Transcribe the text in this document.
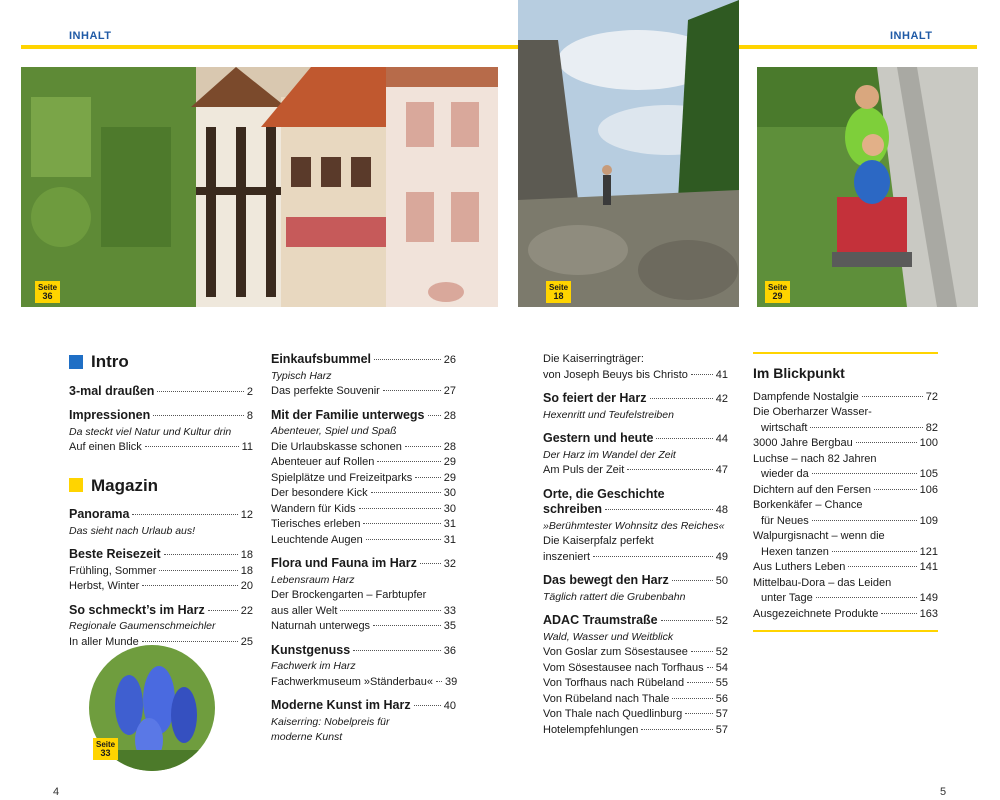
INHALT	INHALT
Seite
36
Seite
18
Seite
29
Intro
3-mal draußen	2
Impressionen	8
Da steckt viel Natur und Kultur drin
Auf einen Blick	11
Magazin
Panorama	12
Das sieht nach Urlaub aus!
Beste Reisezeit	18
Frühling, Sommer	18
Herbst, Winter	20
So schmeckt’s im Harz	22
Regionale Gaumenschmeichler
In aller Munde	25
Seite
33
Einkaufsbummel	26
Typisch Harz
Das perfekte Souvenir	27
Mit der Familie unterwegs 28
Abenteuer, Spiel und Spaß
Die Urlaubskasse schonen	28
Abenteuer auf Rollen	29
Spielplätze und Freizeitparks	29
Der besondere Kick	30
Wandern für Kids	30
Tierisches erleben	31
Leuchtende Augen	31
Flora und Fauna im Harz 32
Lebensraum Harz
Der Brockengarten – Farbtupfer
aus aller Welt	33
Naturnah unterwegs	35
Kunstgenuss	36
Fachwerk im Harz
Fachwerkmuseum »Ständerbau« 39
Moderne Kunst im Harz	40
Kaiserring: Nobelpreis für
moderne Kunst
Die Kaiserringträger:
von Joseph Beuys bis Christo	41
So feiert der Harz	42
Hexenritt und Teufelstreiben
Gestern und heute	44
Der Harz im Wandel der Zeit
Am Puls der Zeit	47
Orte, die Geschichte
schreiben	48
»Berühmtester Wohnsitz des Reiches«
Die Kaiserpfalz perfekt
inszeniert	49
Das bewegt den Harz	50
Täglich rattert die Grubenbahn
ADAC Traumstraße	52
Wald, Wasser und Weitblick
Von Goslar zum Sösestausee	52
Vom Sösestausee nach Torfhaus 54
Von Torfhaus nach Rübeland	55
Von Rübeland nach Thale	56
Von Thale nach Quedlinburg	57
Hotelempfehlungen	57
Im Blickpunkt
Dampfende Nostalgie	72
Die Oberharzer Wasser-
wirtschaft	82
3000 Jahre Bergbau	100
Luchse – nach 82 Jahren
wieder da	105
Dichtern auf den Fersen	106
Borkenkäfer – Chance
für Neues	109
Walpurgisnacht – wenn die
Hexen tanzen	121
Aus Luthers Leben	141
Mittelbau-Dora – das Leiden
unter Tage	149
Ausgezeichnete Produkte	163
4	5
